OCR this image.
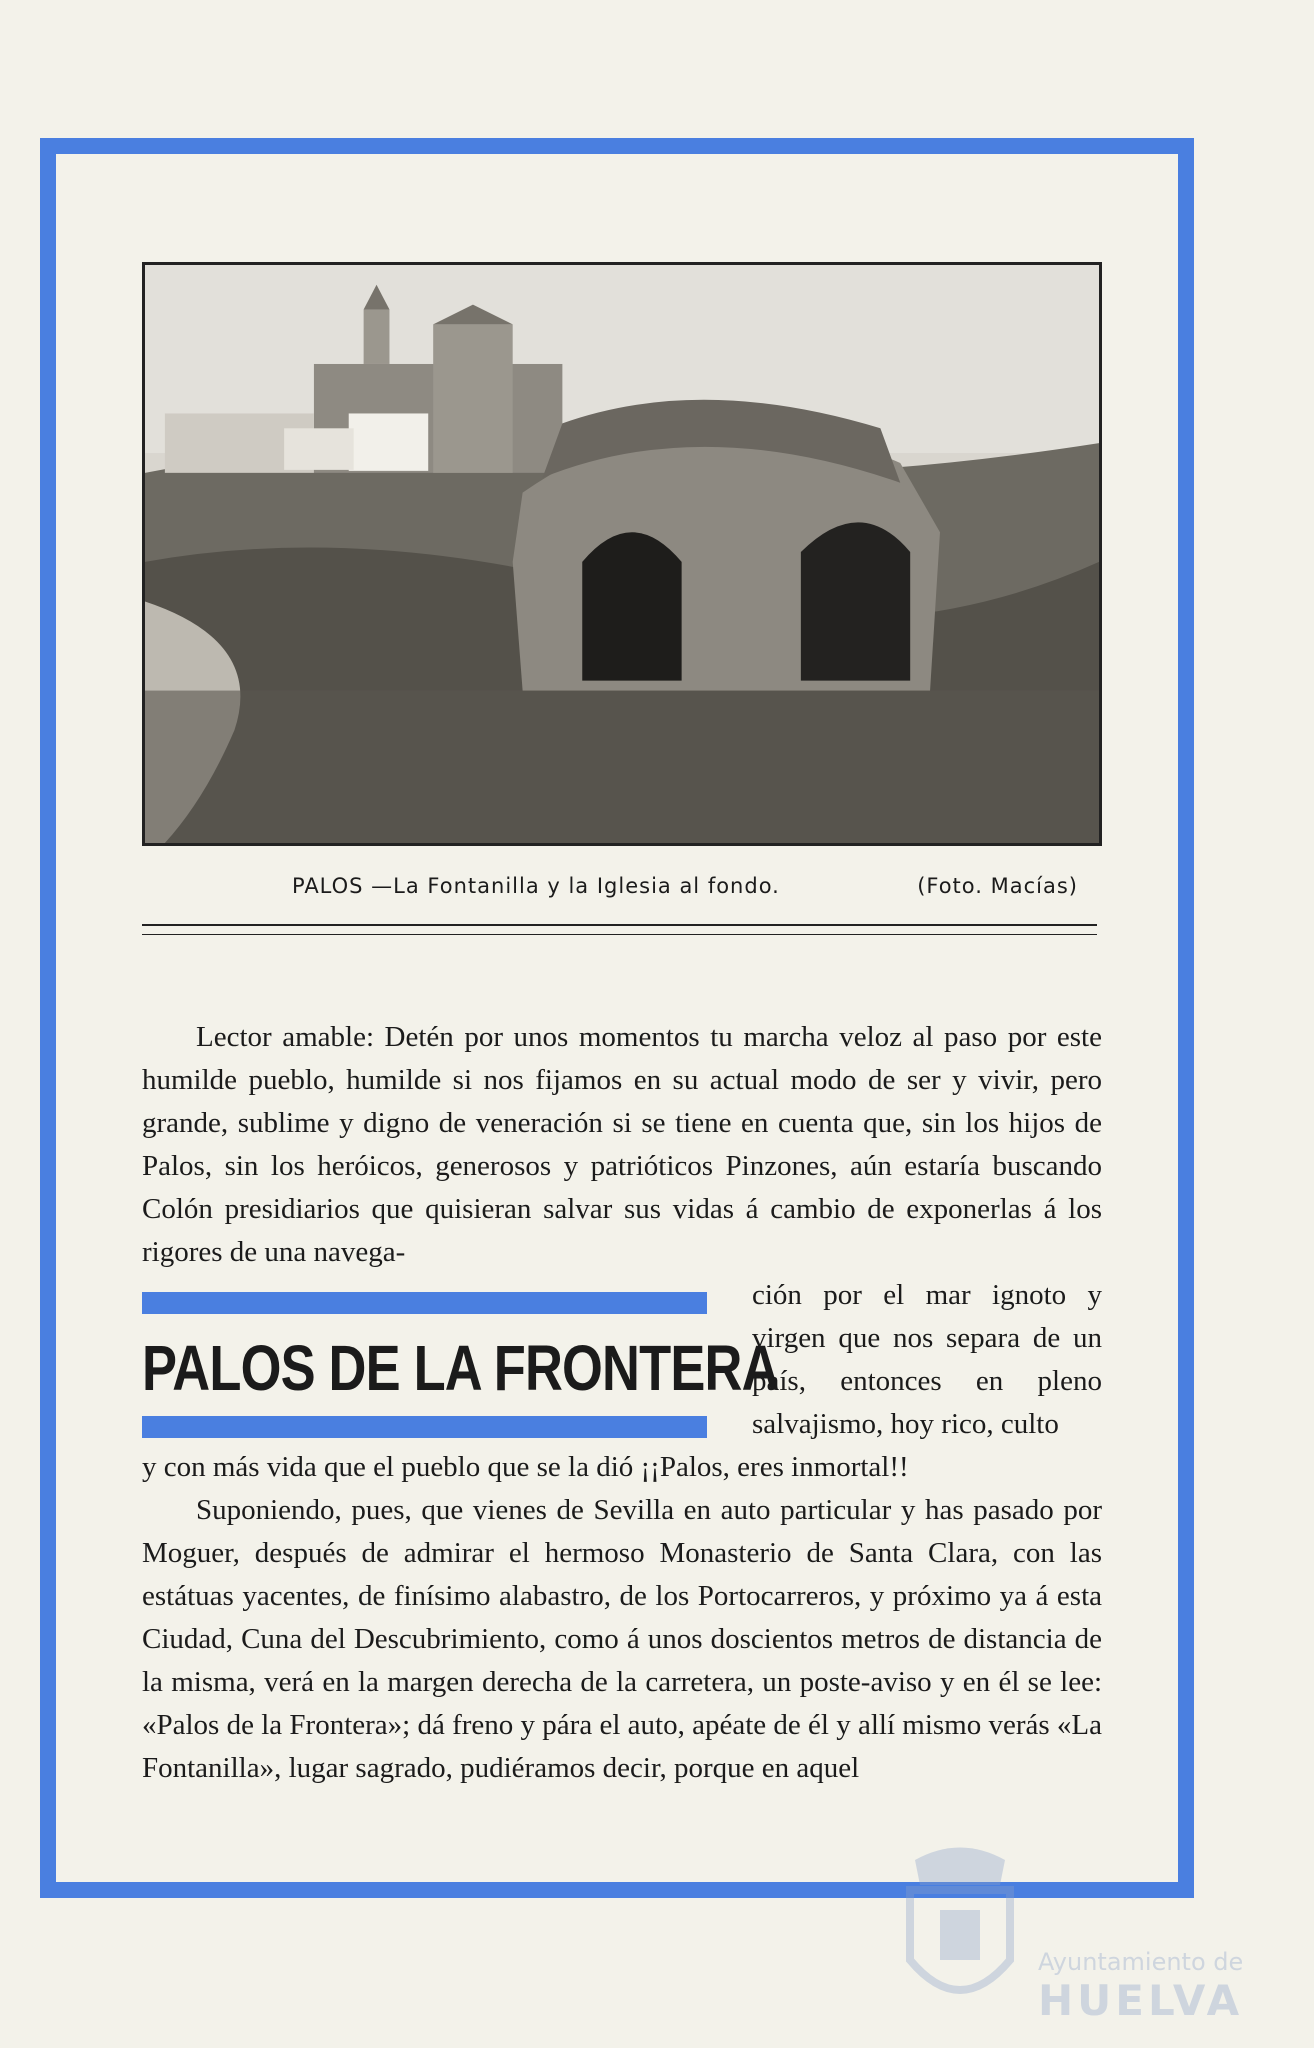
PALOS —La Fontanilla y la Iglesia al fondo.	(Foto. Macías)

Lector amable: Detén por unos momentos tu marcha veloz al paso por este humilde pueblo, humilde si nos fijamos en su actual modo de ser y vivir, pero grande, sublime y digno de veneración si se tiene en cuenta que, sin los hijos de Palos, sin los heróicos, generosos y patrióticos Pinzones, aún estaría buscando Colón presidiarios que quisieran salvar sus vidas á cambio de exponerlas á los rigores de una navega-

PALOS DE LA FRONTERA

ción por el mar ignoto y virgen que nos separa de un país, entonces en pleno salvajismo, hoy rico, culto

y con más vida que el pueblo que se la dió ¡¡Palos, eres inmortal!!

Suponiendo, pues, que vienes de Sevilla en auto particular y has pasado por Moguer, después de admirar el hermoso Monasterio de Santa Clara, con las estátuas yacentes, de finísimo alabastro, de los Portocarreros, y próximo ya á esta Ciudad, Cuna del Descubrimiento, como á unos doscientos metros de distancia de la misma, verá en la margen derecha de la carretera, un poste-aviso y en él se lee: «Palos de la Frontera»; dá freno y pára el auto, apéate de él y allí mismo verás «La Fontanilla», lugar sagrado, pudiéramos decir, porque en aquel

Ayuntamiento de
HUELVA
